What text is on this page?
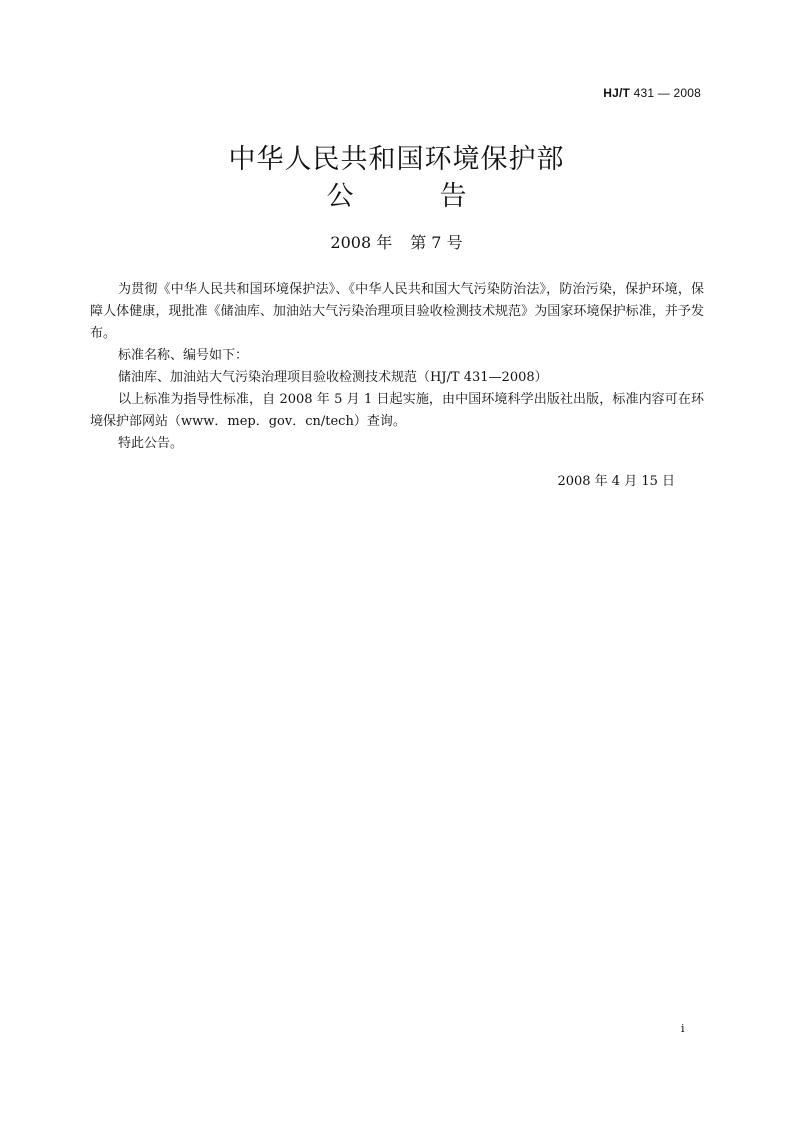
HJ/T 431 — 2008
中华人民共和国环境保护部
公告
2008 年 第 7 号

为贯彻《中华人民共和国环境保护法》、《中华人民共和国大气污染防治法》，防治污染，保护环境，保障人体健康，现批准《储油库、加油站大气污染治理项目验收检测技术规范》为国家环境保护标准，并予发布。

标准名称、编号如下：

储油库、加油站大气污染治理项目验收检测技术规范（HJ/T 431—2008）

以上标准为指导性标准，自 2008 年 5 月 1 日起实施，由中国环境科学出版社出版，标准内容可在环境保护部网站（www．mep．gov．cn/tech）查询。

特此公告。

2008 年 4 月 15 日
i
